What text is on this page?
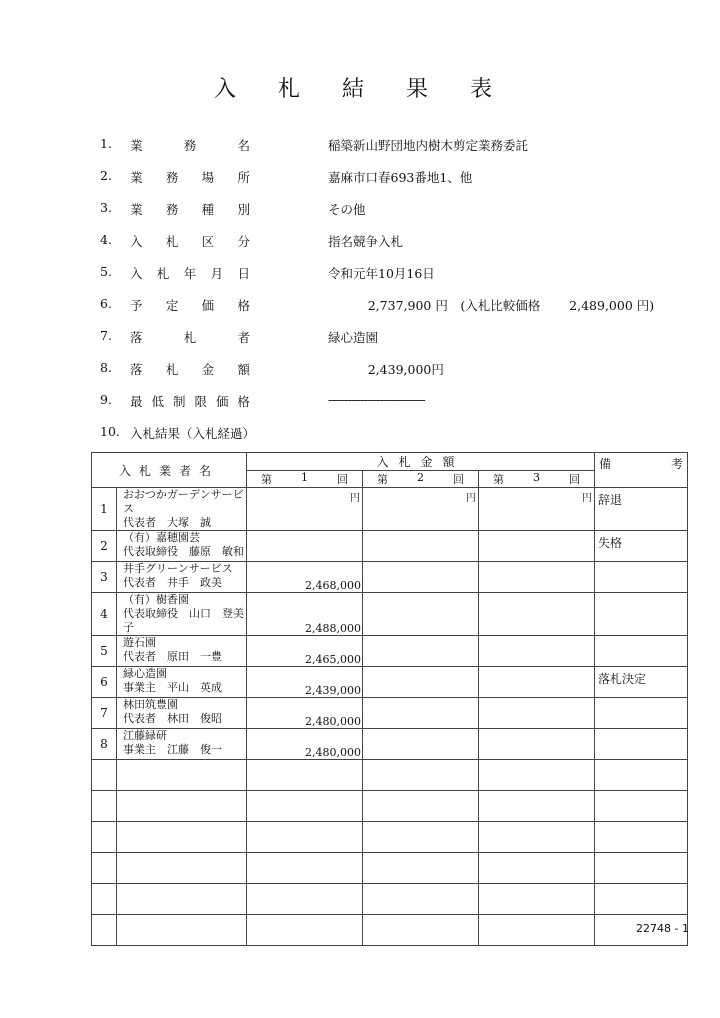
入札結果表
1.	業	務	名	稲築新山野団地内樹木剪定業務委託
2.	業 務 場 所	嘉麻市口春693番地1、他
3.	業 務 種 別	その他
4.	入 札 区 分	指名競争入札
5.	入 札 年 月 日	令和元年10月16日
6.	予 定 価 格	2,737,900 円　(入札比較価格　　 2,489,000 円)
7.	落	札	者	緑心造園
8.	落 札 金 額	2,439,000円
9.	最 低 制 限 価 格	------------------------------
10. 入札結果（入札経過）
入札業者名		入札金額			備 考

		第 1 回	第 2 回	第 3 回	

1	おおつかガーデンサービス
代表者　大塚　誠	円	円	円	辞退
2	（有）嘉穂園芸
代表取締役　藤原　敏和				失格
3	井手グリーンサービス
代表者　井手　政美	2,468,000			
4	（有）樹香園
代表取締役　山口　登美子	2,488,000			
5	遊石園
代表者　原田　一豊	2,465,000			
6	緑心造園
事業主　平山　英成	2,439,000			落札決定
7	林田筑豊園
代表者　林田　俊昭	2,480,000			
8	江藤緑研
事業主　江藤　俊一	2,480,000			

22748 - 1
